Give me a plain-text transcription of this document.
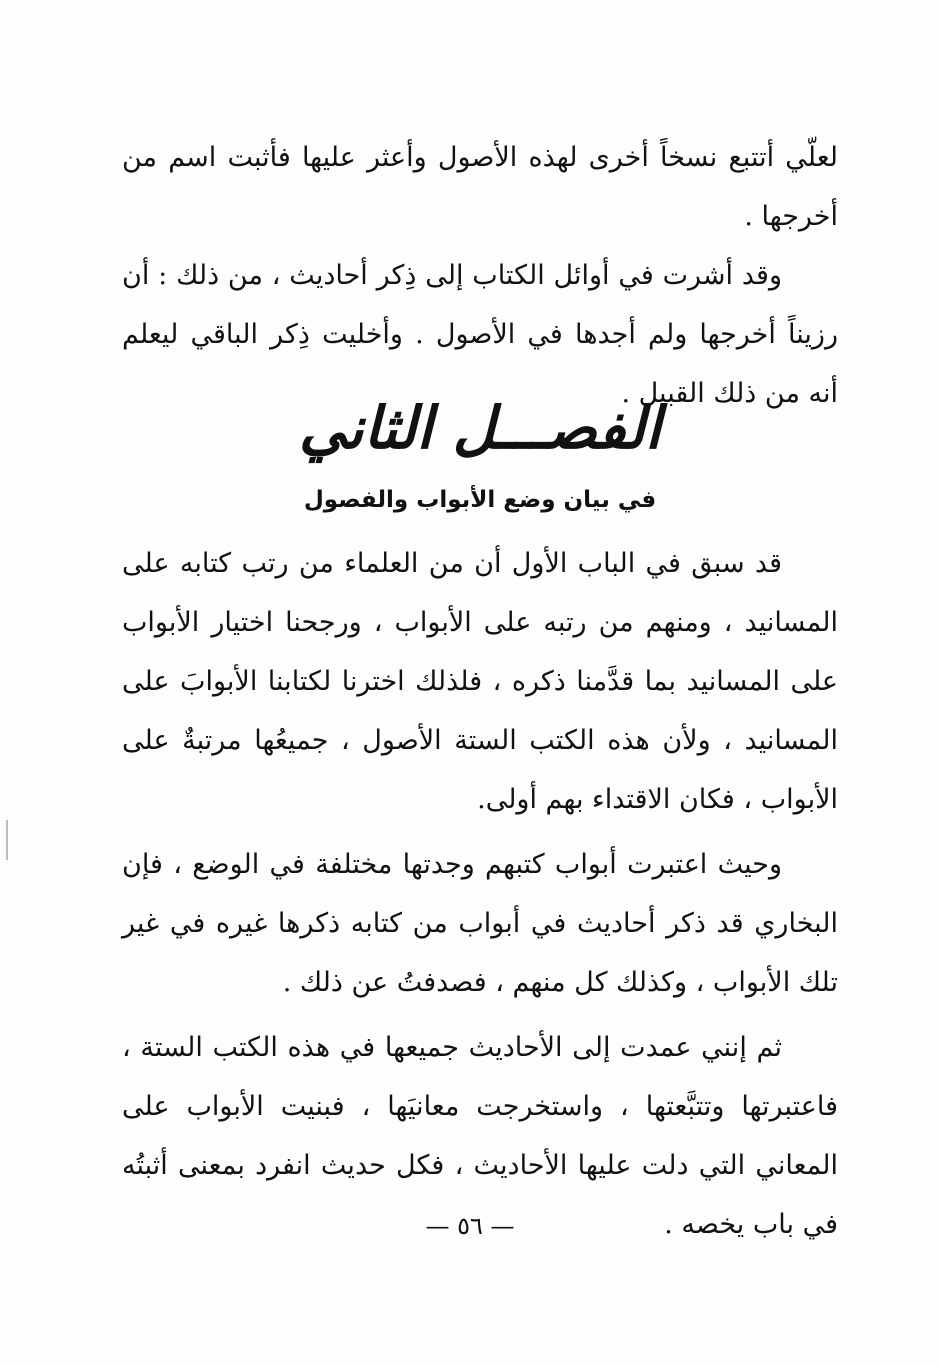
لعلّي أتتبع نسخاً أخرى لهذه الأصول وأعثر عليها فأثبت اسم من أخرجها .

وقد أشرت في أوائل الكتاب إلى ذِكر أحاديث ، من ذلك : أن رزيناً أخرجها ولم أجدها في الأصول . وأخليت ذِكر الباقي ليعلم أنه من ذلك القبيل .

الفصـــل الثاني
في بيان وضع الأبواب والفصول

قد سبق في الباب الأول أن من العلماء من رتب كتابه على المسانيد ، ومنهم من رتبه على الأبواب ، ورجحنا اختيار الأبواب على المسانيد بما قدَّمنا ذكره ، فلذلك اخترنا لكتابنا الأبوابَ على المسانيد ، ولأن هذه الكتب الستة الأصول ، جميعُها مرتبةٌ على الأبواب ، فكان الاقتداء بهم أولى.

وحيث اعتبرت أبواب كتبهم وجدتها مختلفة في الوضع ، فإن البخاري قد ذكر أحاديث في أبواب من كتابه ذكرها غيره في غير تلك الأبواب ، وكذلك كل منهم ، فصدفتُ عن ذلك .

ثم إنني عمدت إلى الأحاديث جميعها في هذه الكتب الستة ، فاعتبرتها وتتبَّعتها ، واستخرجت معانيَها ، فبنيت الأبواب على المعاني التي دلت عليها الأحاديث ، فكل حديث انفرد بمعنى أثبتُه في باب يخصه .

— ٥٦ —
